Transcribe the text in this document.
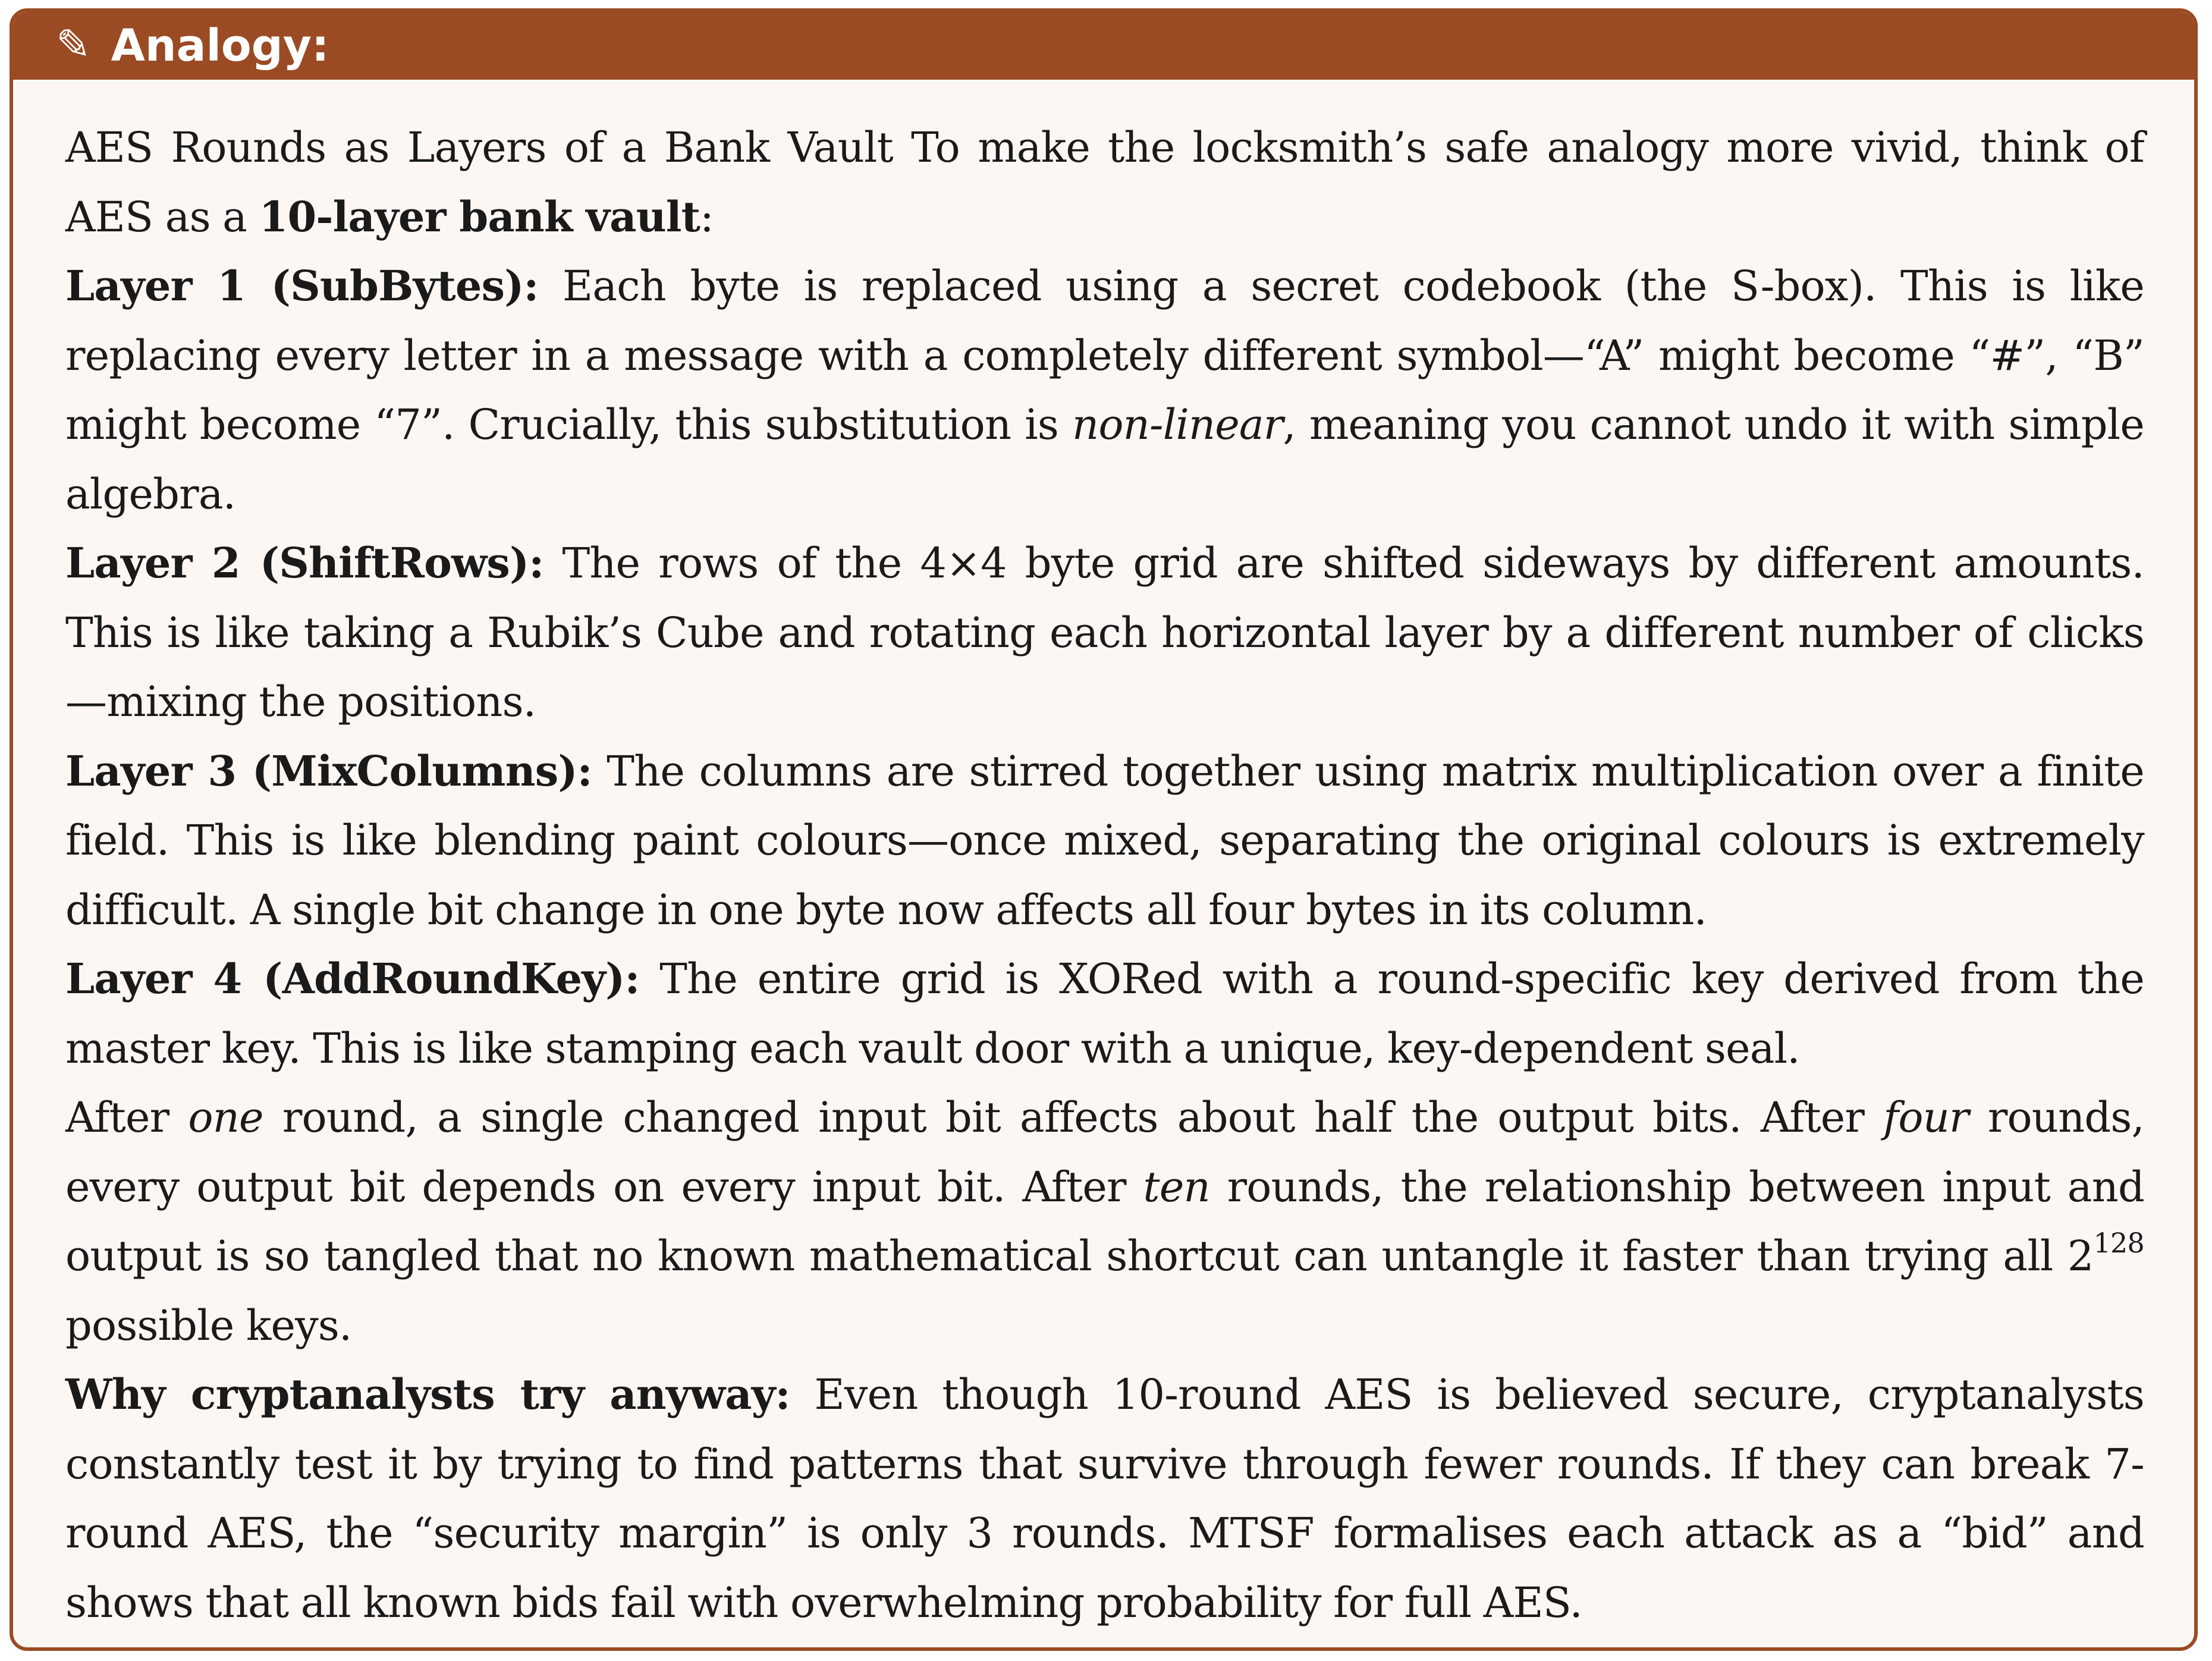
✎ Analogy:

AES Rounds as Layers of a Bank Vault To make the locksmith’s safe analogy more vivid, think of AES as a 10-layer bank vault:

Layer 1 (SubBytes): Each byte is replaced using a secret codebook (the S-box). This is like replacing every letter in a message with a completely different symbol—“A” might become “#”, “B” might become “7”. Crucially, this substitution is non-linear, meaning you cannot undo it with simple algebra.

Layer 2 (ShiftRows): The rows of the 4×4 byte grid are shifted sideways by different amounts. This is like taking a Rubik’s Cube and rotating each horizontal layer by a different number of clicks—mixing the positions.

Layer 3 (MixColumns): The columns are stirred together using matrix multiplication over a finite field. This is like blending paint colours—once mixed, separating the original colours is extremely difficult. A single bit change in one byte now affects all four bytes in its column.

Layer 4 (AddRoundKey): The entire grid is XORed with a round-specific key derived from the master key. This is like stamping each vault door with a unique, key-dependent seal.

After one round, a single changed input bit affects about half the output bits. After four rounds, every output bit depends on every input bit. After ten rounds, the relationship between input and output is so tangled that no known mathematical shortcut can untangle it faster than trying all $2^{128}$ possible keys.

Why cryptanalysts try anyway: Even though 10-round AES is believed secure, cryptanalysts constantly test it by trying to find patterns that survive through fewer rounds. If they can break 7-round AES, the “security margin” is only 3 rounds. MTSF formalises each attack as a “bid” and shows that all known bids fail with overwhelming probability for full AES.
